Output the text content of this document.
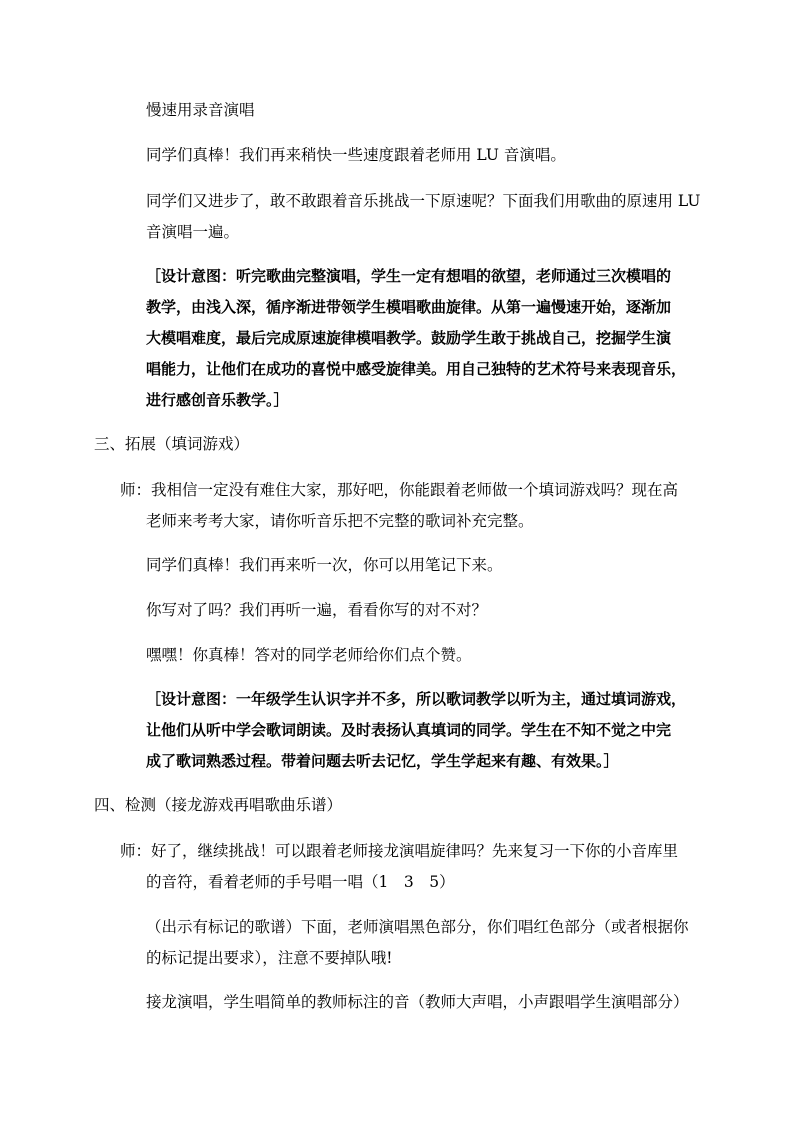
慢速用录音演唱
同学们真棒！我们再来稍快一些速度跟着老师用 LU 音演唱。
同学们又进步了，敢不敢跟着音乐挑战一下原速呢？下面我们用歌曲的原速用 LU
音演唱一遍。
［设计意图：听完歌曲完整演唱，学生一定有想唱的欲望，老师通过三次模唱的
教学，由浅入深，循序渐进带领学生模唱歌曲旋律。从第一遍慢速开始，逐渐加
大模唱难度，最后完成原速旋律模唱教学。鼓励学生敢于挑战自己，挖掘学生演
唱能力，让他们在成功的喜悦中感受旋律美。用自己独特的艺术符号来表现音乐，
进行感创音乐教学。］
三、拓展（填词游戏）
师：我相信一定没有难住大家，那好吧，你能跟着老师做一个填词游戏吗？现在高
老师来考考大家，请你听音乐把不完整的歌词补充完整。
同学们真棒！我们再来听一次，你可以用笔记下来。
你写对了吗？我们再听一遍，看看你写的对不对？
嘿嘿！你真棒！答对的同学老师给你们点个赞。
［设计意图：一年级学生认识字并不多，所以歌词教学以听为主，通过填词游戏，
让他们从听中学会歌词朗读。及时表扬认真填词的同学。学生在不知不觉之中完
成了歌词熟悉过程。带着问题去听去记忆，学生学起来有趣、有效果。］
四、检测（接龙游戏再唱歌曲乐谱）
师：好了，继续挑战！可以跟着老师接龙演唱旋律吗？先来复习一下你的小音库里
的音符，看着老师的手号唱一唱（1　3　5）
（出示有标记的歌谱）下面，老师演唱黑色部分，你们唱红色部分（或者根据你
的标记提出要求），注意不要掉队哦!
接龙演唱，学生唱简单的教师标注的音（教师大声唱，小声跟唱学生演唱部分）
